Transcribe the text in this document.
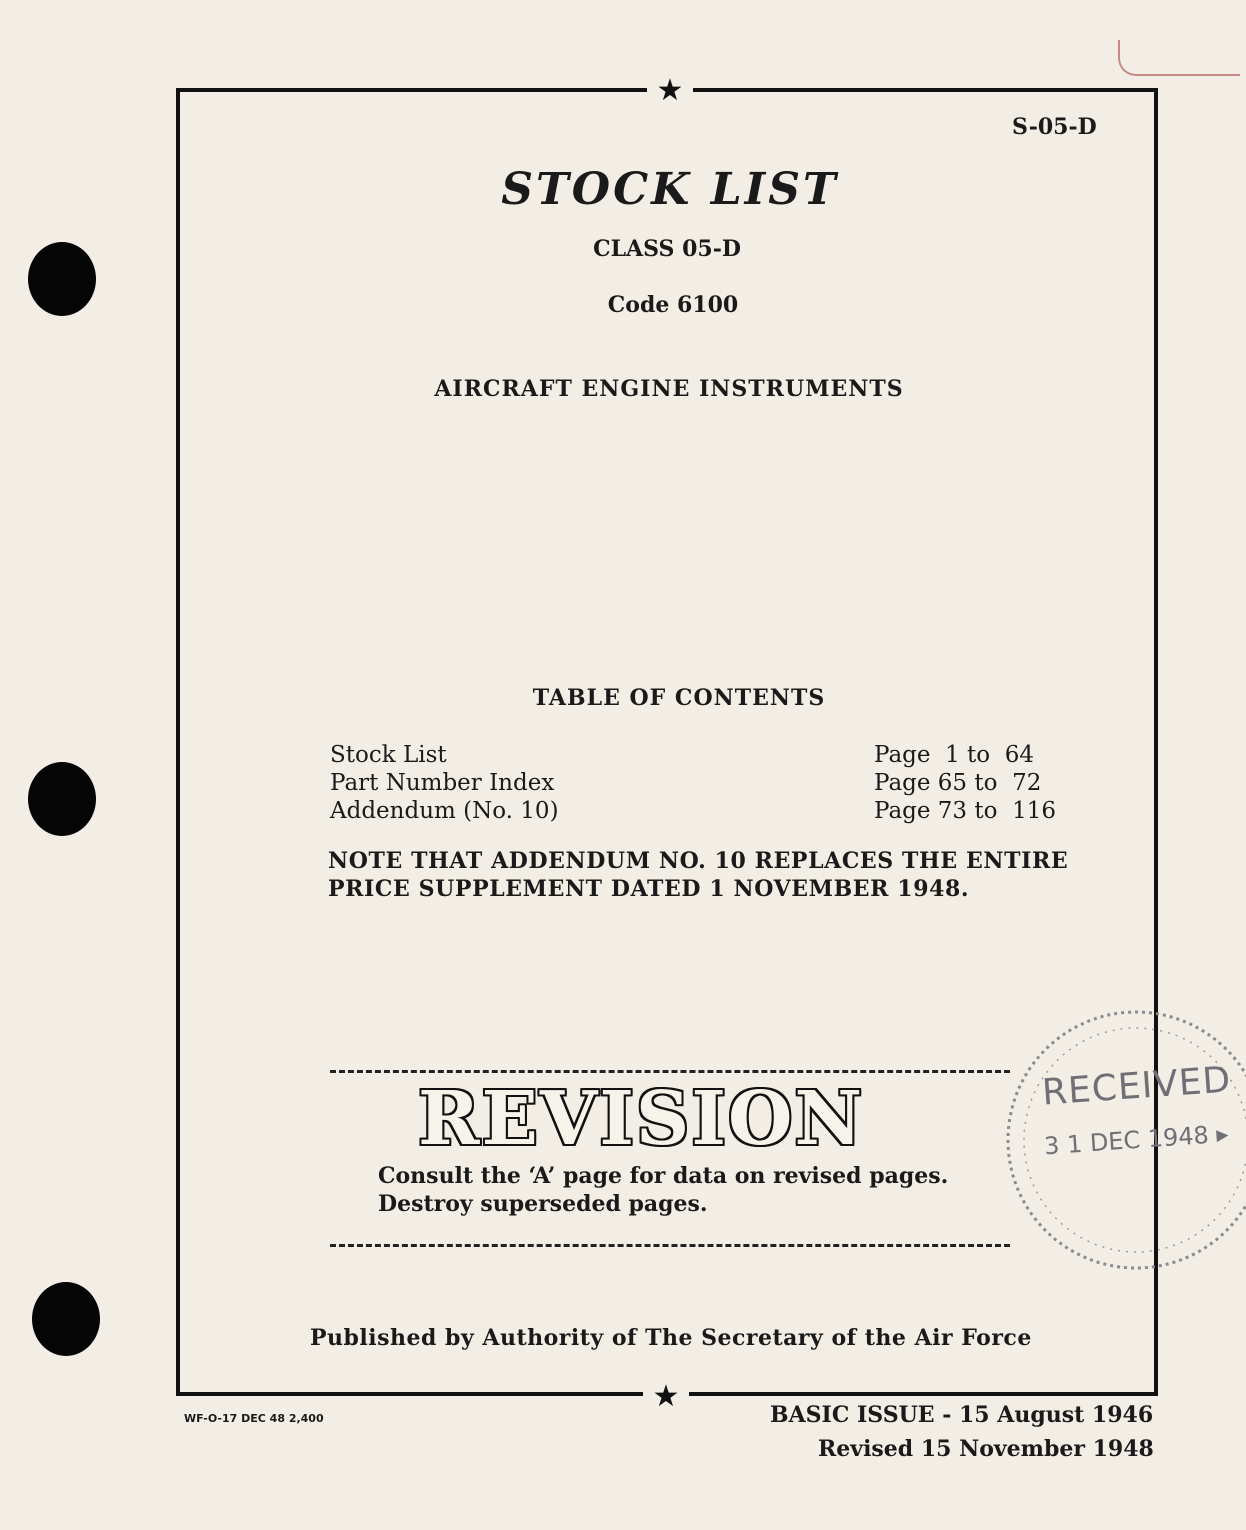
★
★
S-05-D
STOCK LIST
CLASS 05-D
Code 6100
AIRCRAFT ENGINE INSTRUMENTS
TABLE OF CONTENTS
Stock List	Page  1 to  64
Part Number Index	Page 65 to  72
Addendum (No. 10)	Page 73 to  116
NOTE THAT ADDENDUM NO. 10 REPLACES THE ENTIRE
PRICE SUPPLEMENT DATED 1 NOVEMBER 1948.
REVISION
Consult the ‘A’ page for data on revised pages.
Destroy superseded pages.
RECEIVED
3 1 DEC 1948 ▸
Published by Authority of The Secretary of the Air Force
WF-O-17 DEC 48 2,400	BASIC ISSUE - 15 August 1946
Revised 15 November 1948
